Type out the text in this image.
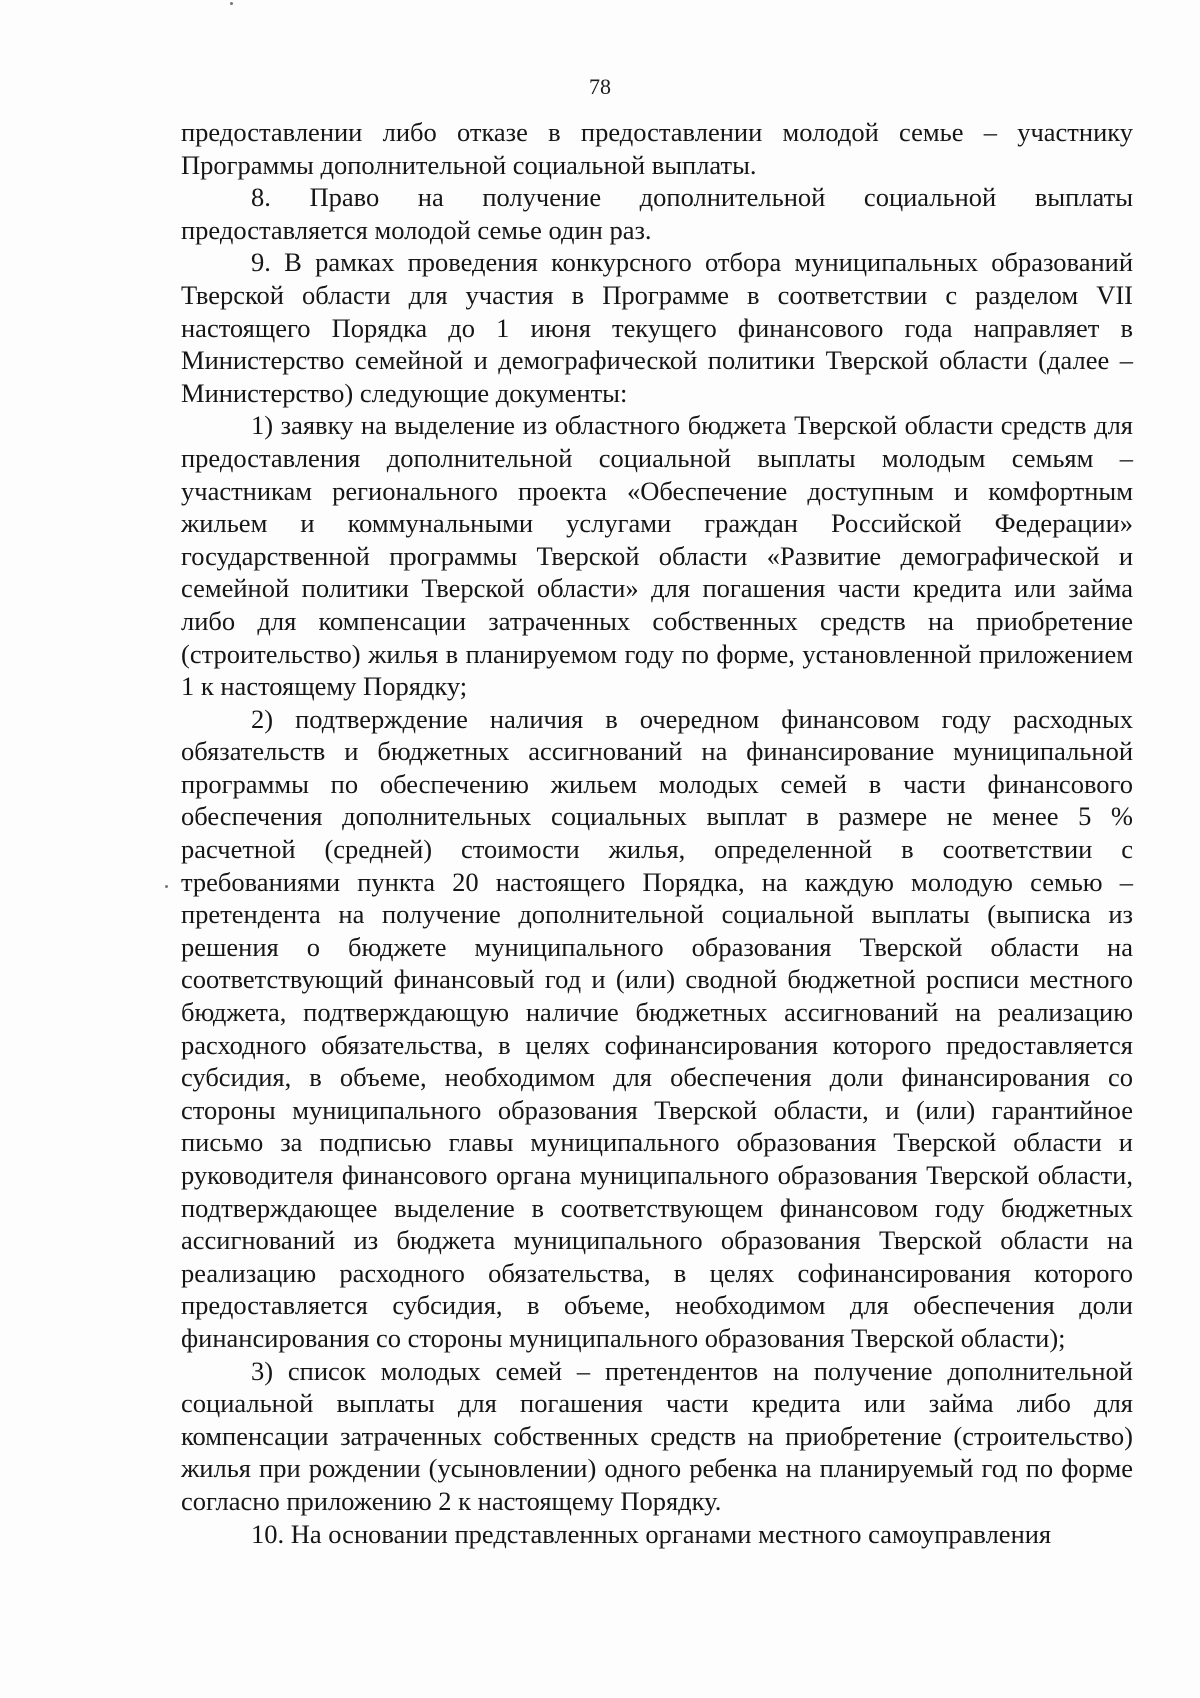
78

предоставлении либо отказе в предоставлении молодой семье – участнику Программы дополнительной социальной выплаты.

8. Право на получение дополнительной социальной выплаты предоставляется молодой семье один раз.

9. В рамках проведения конкурсного отбора муниципальных образований Тверской области для участия в Программе в соответствии с разделом VII настоящего Порядка до 1 июня текущего финансового года направляет в Министерство семейной и демографической политики Тверской области (далее – Министерство) следующие документы:

1) заявку на выделение из областного бюджета Тверской области средств для предоставления дополнительной социальной выплаты молодым семьям – участникам регионального проекта «Обеспечение доступным и комфортным жильем и коммунальными услугами граждан Российской Федерации» государственной программы Тверской области «Развитие демографической и семейной политики Тверской области» для погашения части кредита или займа либо для компенсации затраченных собственных средств на приобретение (строительство) жилья в планируемом году по форме, установленной приложением 1 к настоящему Порядку;

2) подтверждение наличия в очередном финансовом году расходных обязательств и бюджетных ассигнований на финансирование муниципальной программы по обеспечению жильем молодых семей в части финансового обеспечения дополнительных социальных выплат в размере не менее 5 % расчетной (средней) стоимости жилья, определенной в соответствии с требованиями пункта 20 настоящего Порядка, на каждую молодую семью – претендента на получение дополнительной социальной выплаты (выписка из решения о бюджете муниципального образования Тверской области на соответствующий финансовый год и (или) сводной бюджетной росписи местного бюджета, подтверждающую наличие бюджетных ассигнований на реализацию расходного обязательства, в целях софинансирования которого предоставляется субсидия, в объеме, необходимом для обеспечения доли финансирования со стороны муниципального образования Тверской области, и (или) гарантийное письмо за подписью главы муниципального образования Тверской области и руководителя финансового органа муниципального образования Тверской области, подтверждающее выделение в соответствующем финансовом году бюджетных ассигнований из бюджета муниципального образования Тверской области на реализацию расходного обязательства, в целях софинансирования которого предоставляется субсидия, в объеме, необходимом для обеспечения доли финансирования со стороны муниципального образования Тверской области);

3) список молодых семей – претендентов на получение дополнительной социальной выплаты для погашения части кредита или займа либо для компенсации затраченных собственных средств на приобретение (строительство) жилья при рождении (усыновлении) одного ребенка на планируемый год по форме согласно приложению 2 к настоящему Порядку.

10. На основании представленных органами местного самоуправления
